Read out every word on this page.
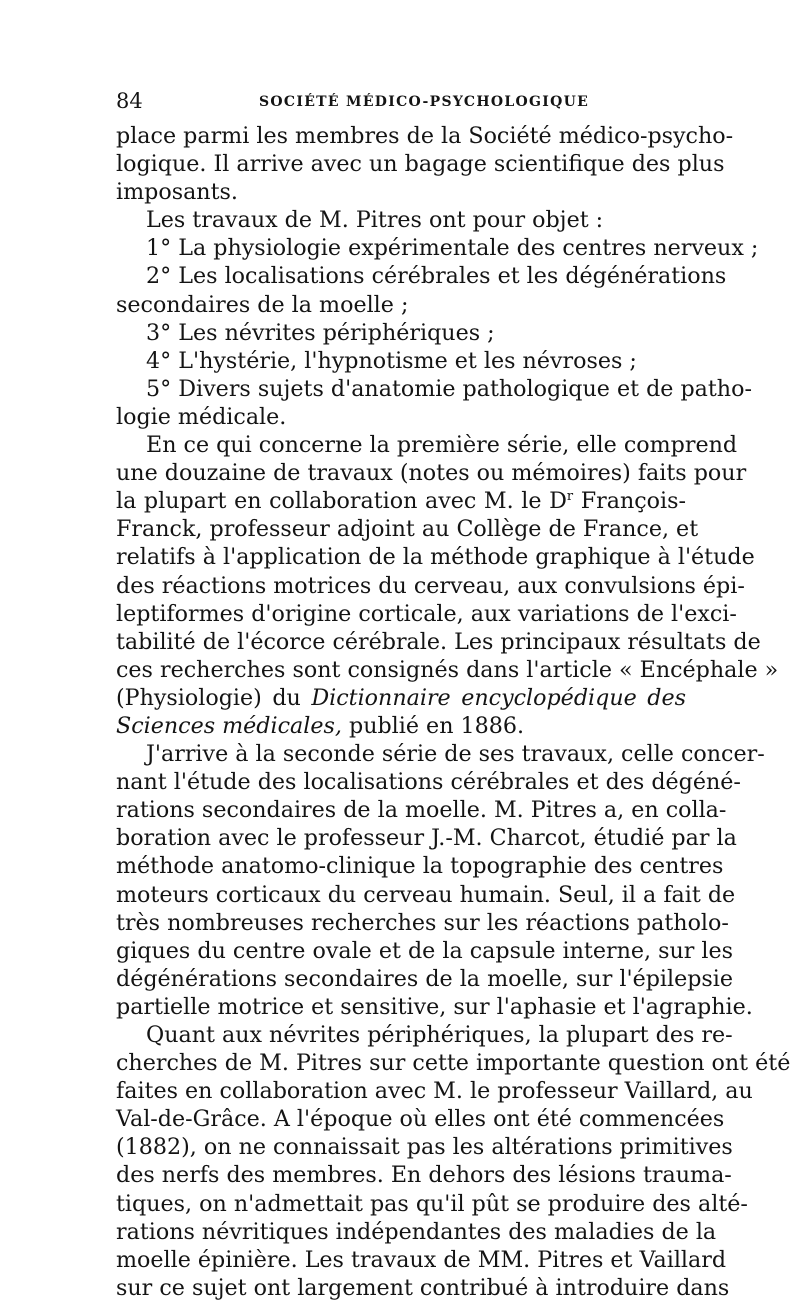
84	SOCIÉTÉ MÉDICO-PSYCHOLOGIQUE
place parmi les membres de la Société médico-psycho-
logique. Il arrive avec un bagage scientifique des plus
imposants.
Les travaux de M. Pitres ont pour objet :
1° La physiologie expérimentale des centres nerveux ;
2° Les localisations cérébrales et les dégénérations
secondaires de la moelle ;
3° Les névrites périphériques ;
4° L'hystérie, l'hypnotisme et les névroses ;
5° Divers sujets d'anatomie pathologique et de patho-
logie médicale.
En ce qui concerne la première série, elle comprend
une douzaine de travaux (notes ou mémoires) faits pour
la plupart en collaboration avec M. le $D^r$ François-
Franck, professeur adjoint au Collège de France, et
relatifs à l'application de la méthode graphique à l'étude
des réactions motrices du cerveau, aux convulsions épi-
leptiformes d'origine corticale, aux variations de l'exci-
tabilité de l'écorce cérébrale. Les principaux résultats de
ces recherches sont consignés dans l'article « Encéphale »
(Physiologie) du Dictionnaire encyclopédique des
Sciences médicales, publié en 1886.
J'arrive à la seconde série de ses travaux, celle concer-
nant l'étude des localisations cérébrales et des dégéné-
rations secondaires de la moelle. M. Pitres a, en colla-
boration avec le professeur J.-M. Charcot, étudié par la
méthode anatomo-clinique la topographie des centres
moteurs corticaux du cerveau humain. Seul, il a fait de
très nombreuses recherches sur les réactions patholo-
giques du centre ovale et de la capsule interne, sur les
dégénérations secondaires de la moelle, sur l'épilepsie
partielle motrice et sensitive, sur l'aphasie et l'agraphie.
Quant aux névrites périphériques, la plupart des re-
cherches de M. Pitres sur cette importante question ont été
faites en collaboration avec M. le professeur Vaillard, au
Val-de-Grâce. A l'époque où elles ont été commencées
(1882), on ne connaissait pas les altérations primitives
des nerfs des membres. En dehors des lésions trauma-
tiques, on n'admettait pas qu'il pût se produire des alté-
rations névritiques indépendantes des maladies de la
moelle épinière. Les travaux de MM. Pitres et Vaillard
sur ce sujet ont largement contribué à introduire dans
